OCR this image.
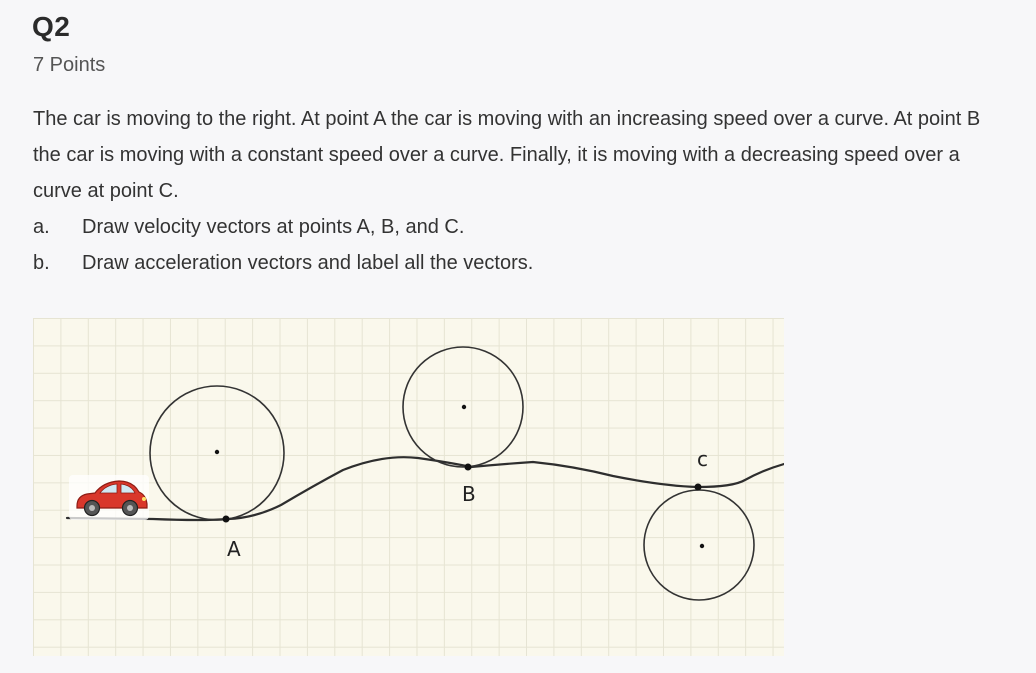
Q2
7 Points

The car is moving to the right. At point A the car is moving with an increasing speed over a curve. At point B the car is moving with a constant speed over a curve. Finally, it is moving with a decreasing speed over a curve at point C.

a.	Draw velocity vectors at points A, B, and C.
b.	Draw acceleration vectors and label all the vectors.
A
B
c
